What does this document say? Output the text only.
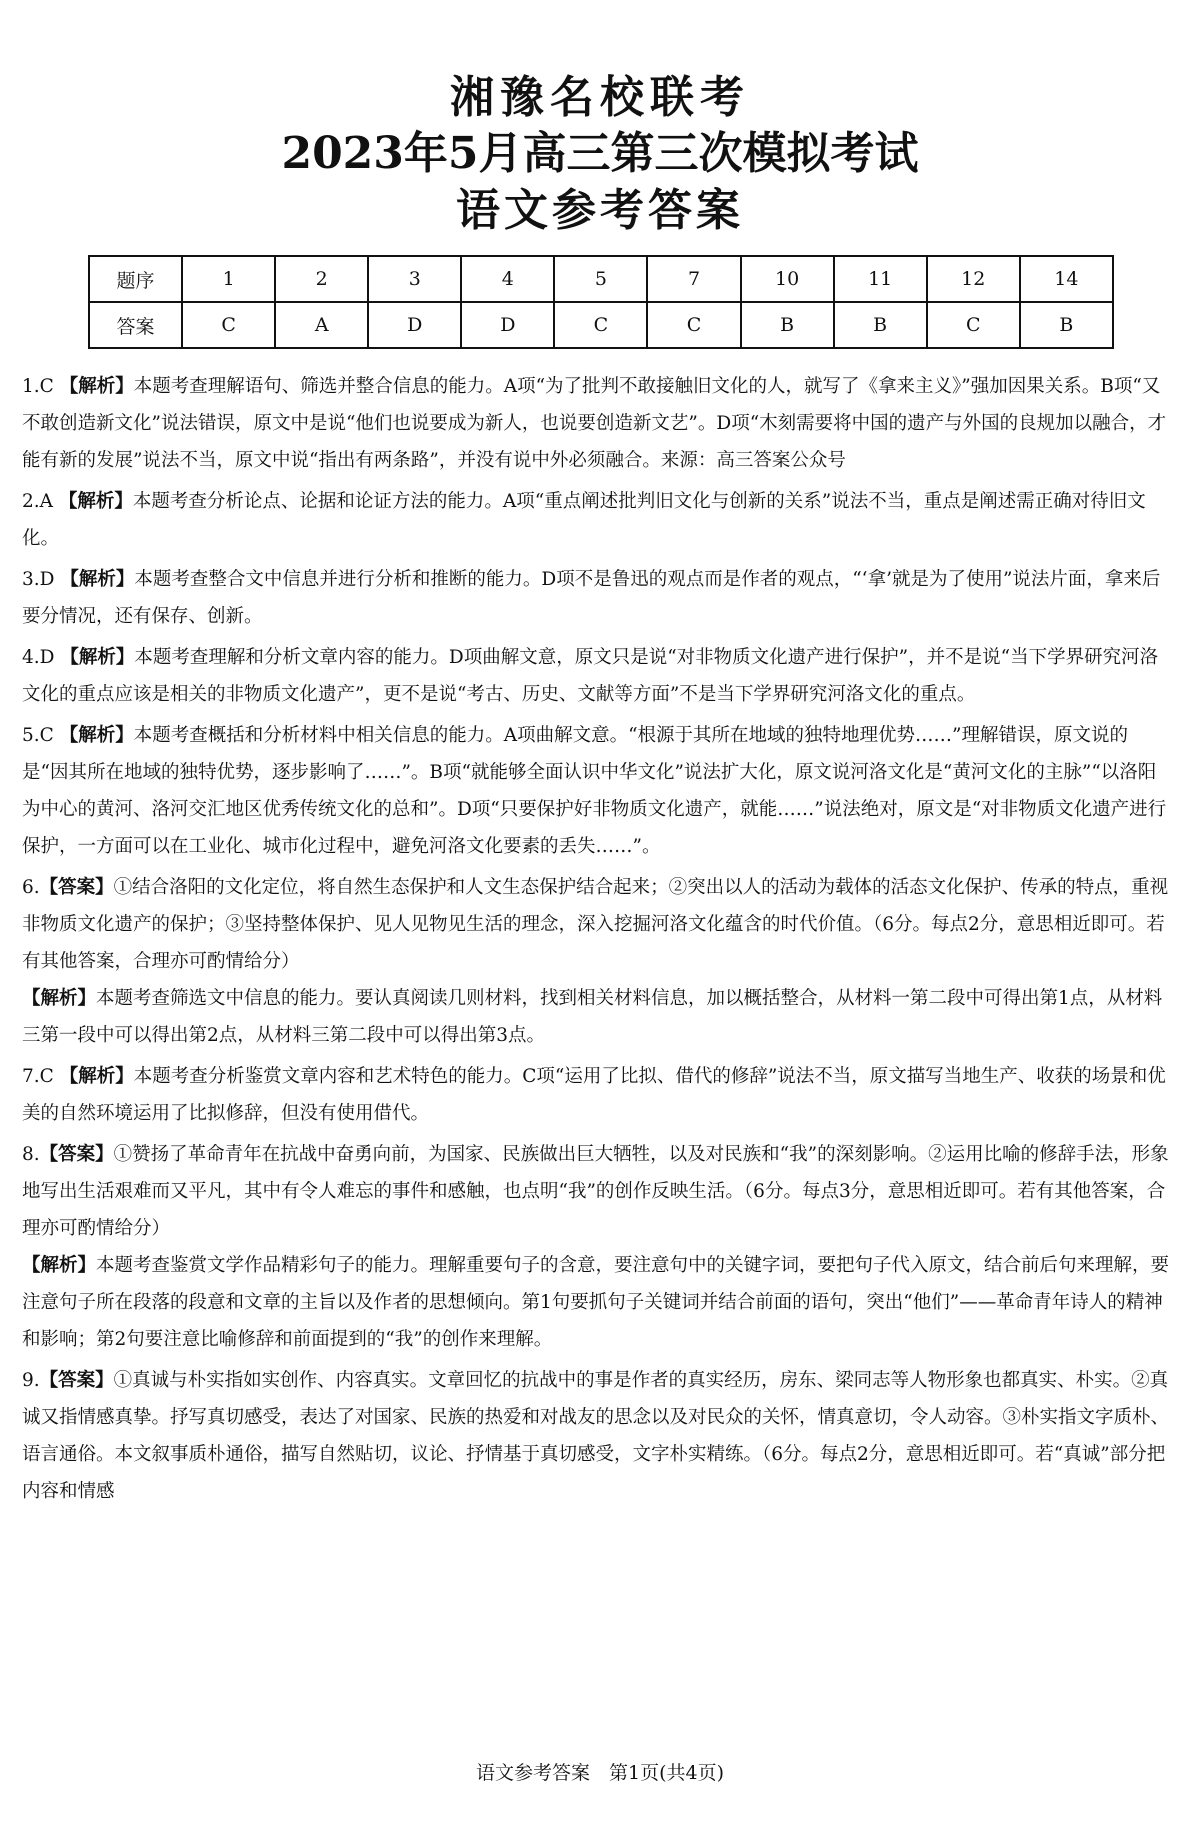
湘豫名校联考
2023年5月高三第三次模拟考试
语文参考答案
题序	1	2	3	4	5	7	10	11	12	14
答案	C	A	D	D	C	C	B	B	C	B

1.C 【解析】本题考查理解语句、筛选并整合信息的能力。A项“为了批判不敢接触旧文化的人，就写了《拿来主义》”强加因果关系。B项“又不敢创造新文化”说法错误，原文中是说“他们也说要成为新人，也说要创造新文艺”。D项“木刻需要将中国的遗产与外国的良规加以融合，才能有新的发展”说法不当，原文中说“指出有两条路”，并没有说中外必须融合。来源：高三答案公众号

2.A 【解析】本题考查分析论点、论据和论证方法的能力。A项“重点阐述批判旧文化与创新的关系”说法不当，重点是阐述需正确对待旧文化。

3.D 【解析】本题考查整合文中信息并进行分析和推断的能力。D项不是鲁迅的观点而是作者的观点，“‘拿’就是为了使用”说法片面，拿来后要分情况，还有保存、创新。

4.D 【解析】本题考查理解和分析文章内容的能力。D项曲解文意，原文只是说“对非物质文化遗产进行保护”，并不是说“当下学界研究河洛文化的重点应该是相关的非物质文化遗产”，更不是说“考古、历史、文献等方面”不是当下学界研究河洛文化的重点。

5.C 【解析】本题考查概括和分析材料中相关信息的能力。A项曲解文意。“根源于其所在地域的独特地理优势……”理解错误，原文说的是“因其所在地域的独特优势，逐步影响了……”。B项“就能够全面认识中华文化”说法扩大化，原文说河洛文化是“黄河文化的主脉”“以洛阳为中心的黄河、洛河交汇地区优秀传统文化的总和”。D项“只要保护好非物质文化遗产，就能……”说法绝对，原文是“对非物质文化遗产进行保护，一方面可以在工业化、城市化过程中，避免河洛文化要素的丢失……”。

6.【答案】①结合洛阳的文化定位，将自然生态保护和人文生态保护结合起来；②突出以人的活动为载体的活态文化保护、传承的特点，重视非物质文化遗产的保护；③坚持整体保护、见人见物见生活的理念，深入挖掘河洛文化蕴含的时代价值。（6分。每点2分，意思相近即可。若有其他答案，合理亦可酌情给分）

【解析】本题考查筛选文中信息的能力。要认真阅读几则材料，找到相关材料信息，加以概括整合，从材料一第二段中可得出第1点，从材料三第一段中可以得出第2点，从材料三第二段中可以得出第3点。

7.C 【解析】本题考查分析鉴赏文章内容和艺术特色的能力。C项“运用了比拟、借代的修辞”说法不当，原文描写当地生产、收获的场景和优美的自然环境运用了比拟修辞，但没有使用借代。

8.【答案】①赞扬了革命青年在抗战中奋勇向前，为国家、民族做出巨大牺牲，以及对民族和“我”的深刻影响。②运用比喻的修辞手法，形象地写出生活艰难而又平凡，其中有令人难忘的事件和感触，也点明“我”的创作反映生活。（6分。每点3分，意思相近即可。若有其他答案，合理亦可酌情给分）

【解析】本题考查鉴赏文学作品精彩句子的能力。理解重要句子的含意，要注意句中的关键字词，要把句子代入原文，结合前后句来理解，要注意句子所在段落的段意和文章的主旨以及作者的思想倾向。第1句要抓句子关键词并结合前面的语句，突出“他们”——革命青年诗人的精神和影响；第2句要注意比喻修辞和前面提到的“我”的创作来理解。

9.【答案】①真诚与朴实指如实创作、内容真实。文章回忆的抗战中的事是作者的真实经历，房东、梁同志等人物形象也都真实、朴实。②真诚又指情感真挚。抒写真切感受，表达了对国家、民族的热爱和对战友的思念以及对民众的关怀，情真意切，令人动容。③朴实指文字质朴、语言通俗。本文叙事质朴通俗，描写自然贴切，议论、抒情基于真切感受，文字朴实精练。（6分。每点2分，意思相近即可。若“真诚”部分把内容和情感

语文参考答案　第1页(共4页)
